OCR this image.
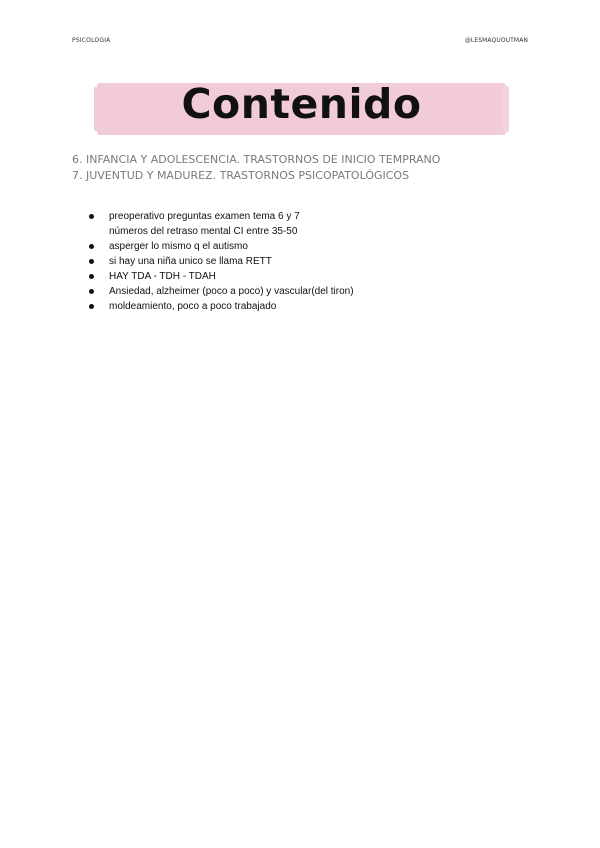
PSICOLOGIA	@LESMAQUOUTMAN
Contenido
6. INFANCIA Y ADOLESCENCIA. TRASTORNOS DE INICIO TEMPRANO
7. JUVENTUD Y MADUREZ. TRASTORNOS PSICOPATOLÓGICOS
preoperativo preguntas examen tema 6 y 7
números del retraso mental CI entre 35-50
asperger lo mismo q el autismo
si hay una niña unico se llama RETT
HAY TDA - TDH - TDAH
Ansiedad, alzheimer (poco a poco) y vascular(del tiron)
moldeamiento, poco a poco trabajado
